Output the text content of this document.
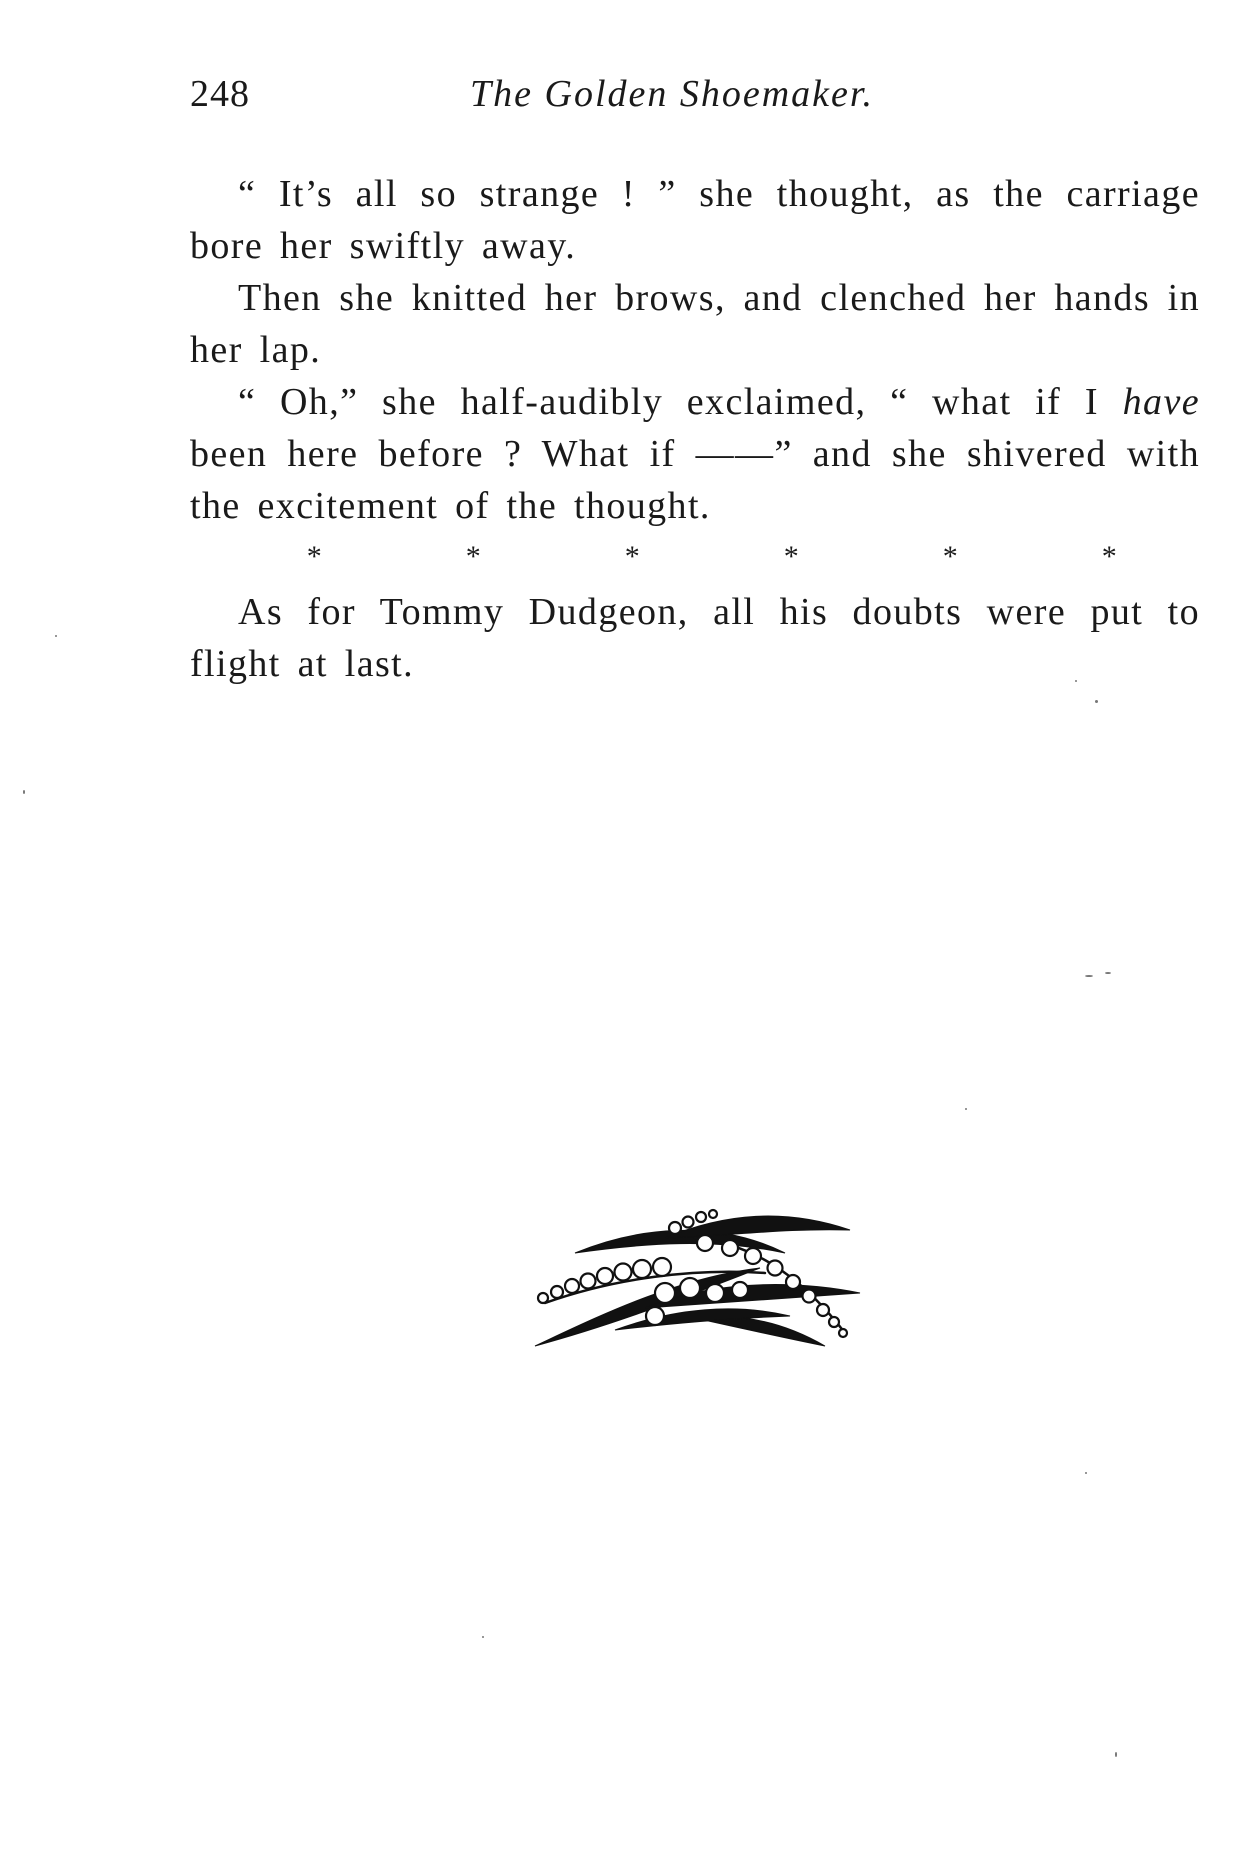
248	The Golden Shoemaker.

“ It’s all so strange ! ” she thought, as the carriage bore her swiftly away.

Then she knitted her brows, and clenched her hands in her lap.

“ Oh,” she half-audibly exclaimed, “ what if I have been here before ? What if ——” and she shivered with the excitement of the thought.

*	*	*	*	*	*

As for Tommy Dudgeon, all his doubts were put to flight at last.
